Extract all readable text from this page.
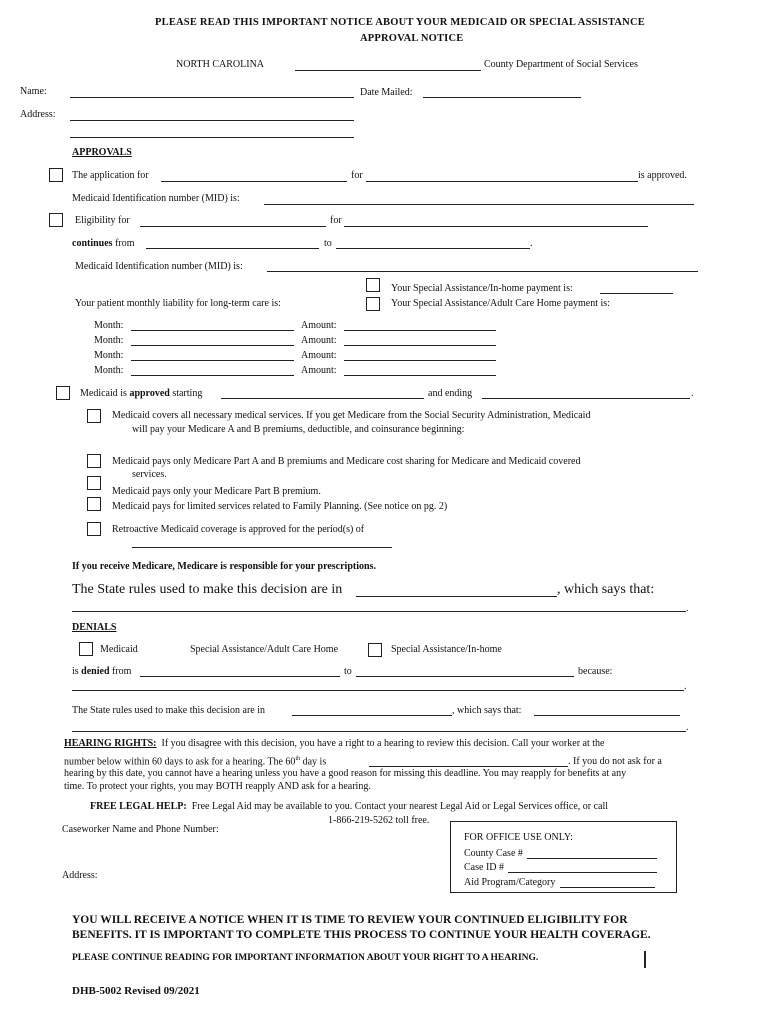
PLEASE READ THIS IMPORTANT NOTICE ABOUT YOUR MEDICAID OR SPECIAL ASSISTANCE
APPROVAL NOTICE
NORTH CAROLINA	County Department of Social Services
Name:	Date Mailed:
Address:
APPROVALS
The application for	for	is approved.
Medicaid Identification number (MID) is:
Eligibility for	for
continues from	to	.
Medicaid Identification number (MID) is:
Your Special Assistance/In-home payment is:
Your Special Assistance/Adult Care Home payment is:
Your patient monthly liability for long-term care is:
Month:	Amount:
Month:	Amount:
Month:	Amount:
Month:	Amount:
Medicaid is approved starting	and ending	.
Medicaid covers all necessary medical services. If you get Medicare from the Social Security Administration, Medicaid
will pay your Medicare A and B premiums, deductible, and coinsurance beginning:
Medicaid pays only Medicare Part A and B premiums and Medicare cost sharing for Medicare and Medicaid covered
services.
Medicaid pays only your Medicare Part B premium.
Medicaid pays for limited services related to Family Planning. (See notice on pg. 2)
Retroactive Medicaid coverage is approved for the period(s) of
If you receive Medicare, Medicare is responsible for your prescriptions.
The State rules used to make this decision are in	, which says that:
.
DENIALS
Medicaid	Special Assistance/Adult Care Home	Special Assistance/In-home
is denied from	to	because:
.
The State rules used to make this decision are in	, which says that:
.
HEARING RIGHTS: If you disagree with this decision, you have a right to a hearing to review this decision. Call your worker at the
number below within 60 days to ask for a hearing. The 60th day is	. If you do not ask for a
hearing by this date, you cannot have a hearing unless you have a good reason for missing this deadline. You may reapply for benefits at any
time. To protect your rights, you may BOTH reapply AND ask for a hearing.
FREE LEGAL HELP: Free Legal Aid may be available to you. Contact your nearest Legal Aid or Legal Services office, or call
1-866-219-5262 toll free.
Caseworker Name and Phone Number:
Address:
FOR OFFICE USE ONLY:
County Case #
Case ID #
Aid Program/Category
YOU WILL RECEIVE A NOTICE WHEN IT IS TIME TO REVIEW YOUR CONTINUED ELIGIBILITY FOR
BENEFITS. IT IS IMPORTANT TO COMPLETE THIS PROCESS TO CONTINUE YOUR HEALTH COVERAGE.
PLEASE CONTINUE READING FOR IMPORTANT INFORMATION ABOUT YOUR RIGHT TO A HEARING.
DHB-5002 Revised 09/2021
